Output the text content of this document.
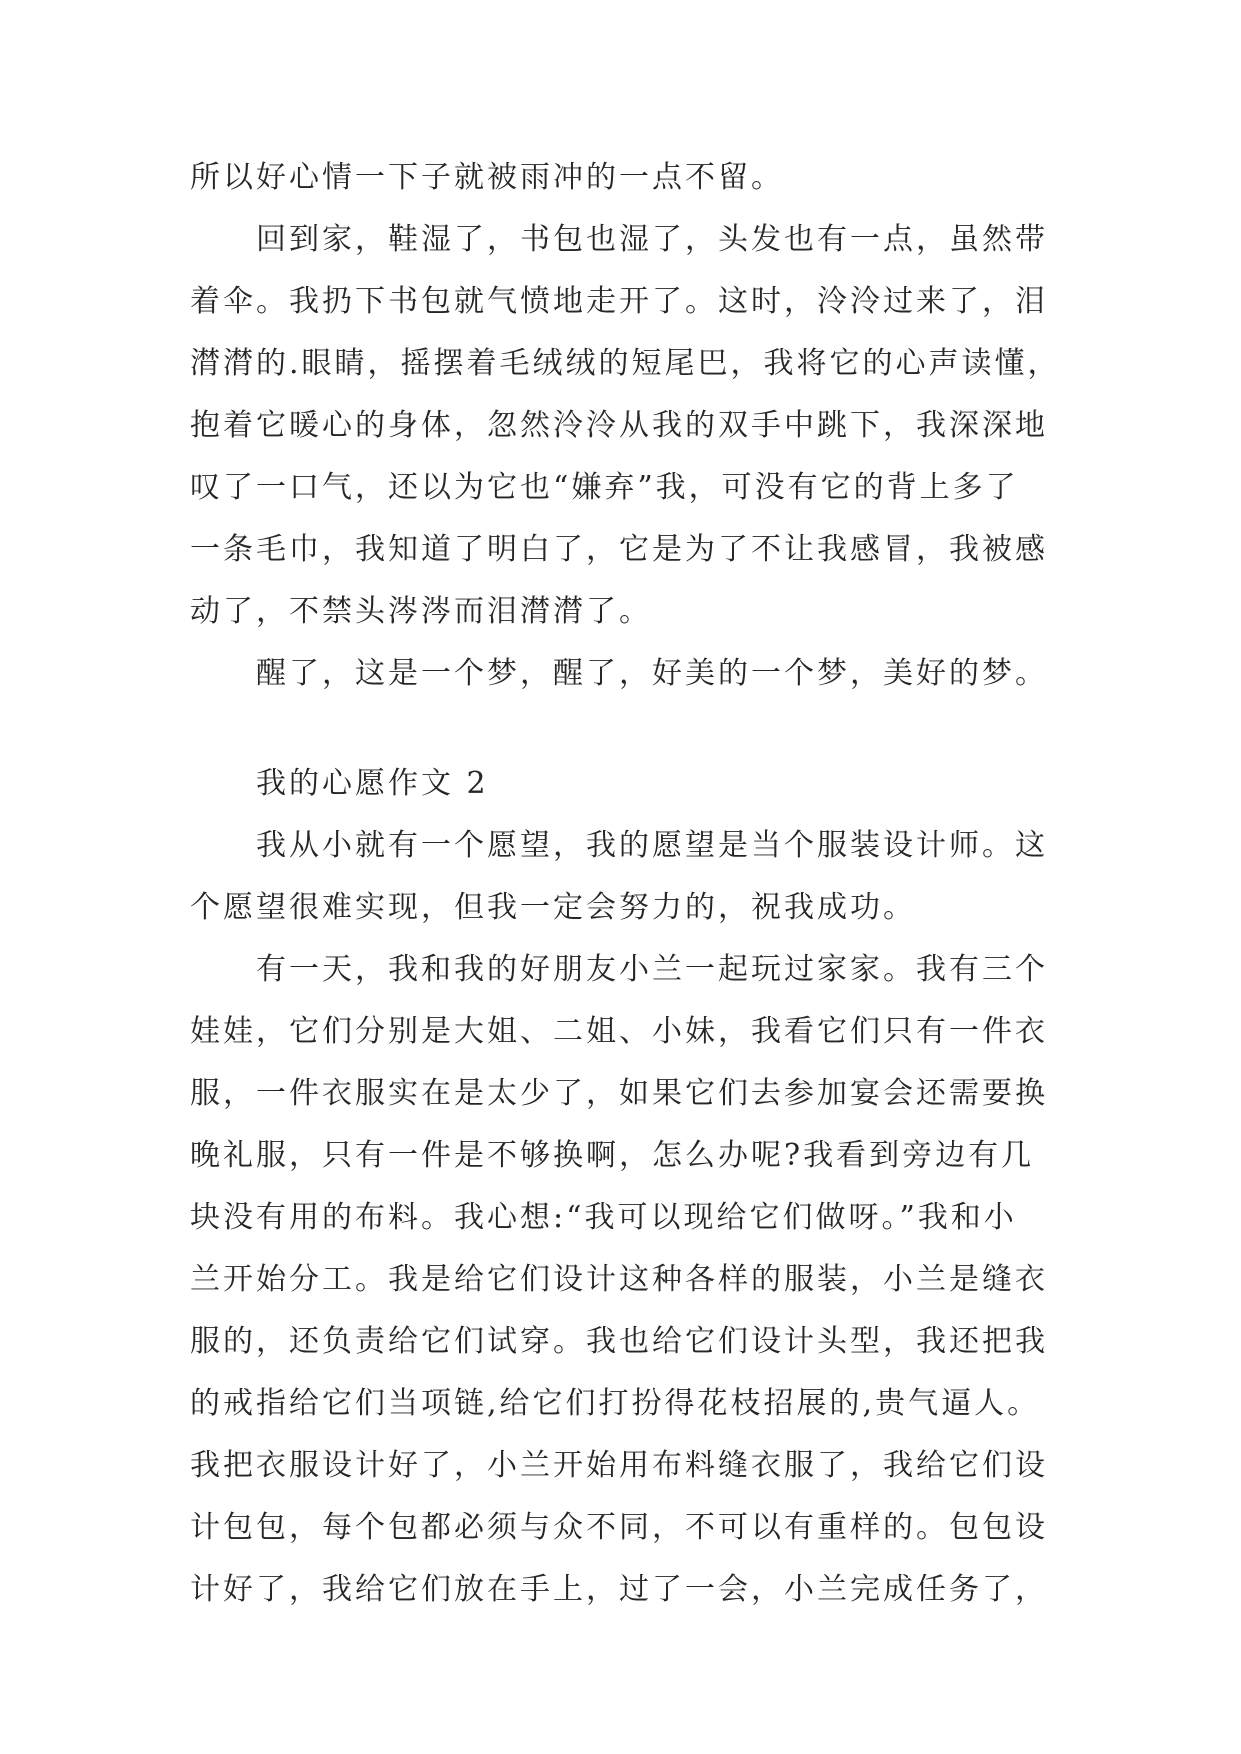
所以好心情一下子就被雨冲的一点不留。
回到家，鞋湿了，书包也湿了，头发也有一点，虽然带
着伞。我扔下书包就气愤地走开了。这时，泠泠过来了，泪
潸潸的.眼睛，摇摆着毛绒绒的短尾巴，我将它的心声读懂，
抱着它暖心的身体，忽然泠泠从我的双手中跳下，我深深地
叹了一口气，还以为它也“嫌弃”我，可没有它的背上多了
一条毛巾，我知道了明白了，它是为了不让我感冒，我被感
动了，不禁头涔涔而泪潸潸了。
醒了，这是一个梦，醒了，好美的一个梦，美好的梦。
我的心愿作文 2
我从小就有一个愿望，我的愿望是当个服装设计师。这
个愿望很难实现，但我一定会努力的，祝我成功。
有一天，我和我的好朋友小兰一起玩过家家。我有三个
娃娃，它们分别是大姐、二姐、小妹，我看它们只有一件衣
服，一件衣服实在是太少了，如果它们去参加宴会还需要换
晚礼服，只有一件是不够换啊，怎么办呢?我看到旁边有几
块没有用的布料。我心想:“我可以现给它们做呀。”我和小
兰开始分工。我是给它们设计这种各样的服装，小兰是缝衣
服的，还负责给它们试穿。我也给它们设计头型，我还把我
的戒指给它们当项链,给它们打扮得花枝招展的,贵气逼人。
我把衣服设计好了，小兰开始用布料缝衣服了，我给它们设
计包包，每个包都必须与众不同，不可以有重样的。包包设
计好了，我给它们放在手上，过了一会，小兰完成任务了，
